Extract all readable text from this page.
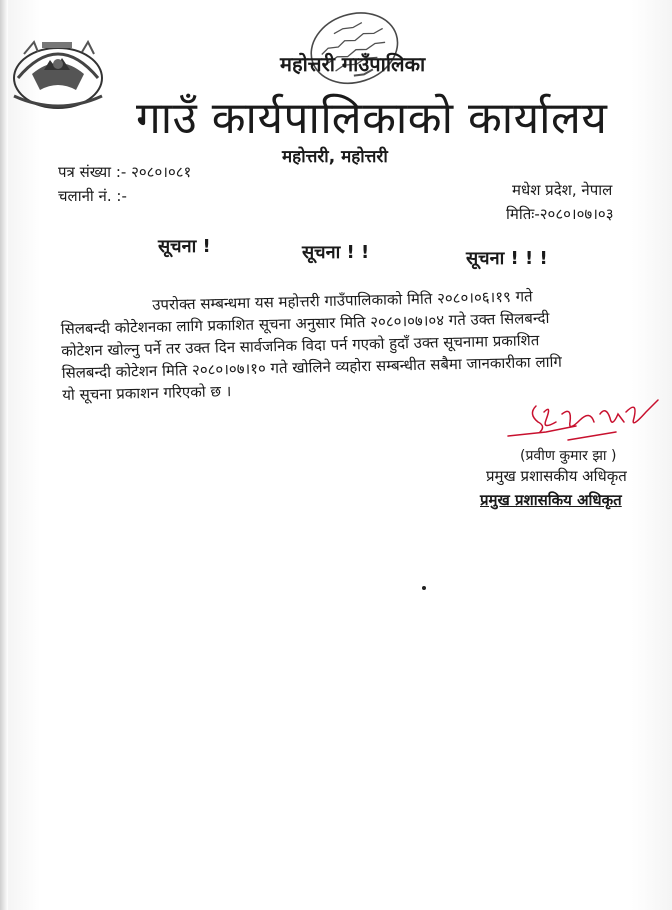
महोत्तरी गाउँपालिका
गाउँ कार्यपालिकाको कार्यालय
महोत्तरी, महोत्तरी
पत्र संख्या :- २०८०।०८१
चलानी नं. :-	मधेश प्रदेश, नेपाल
मितिः-२०८०।०७।०३
सूचना !	सूचना ! !	सूचना ! ! !
उपरोक्त सम्बन्धमा यस महोत्तरी गाउँपालिकाको मिति २०८०।०६।१९ गते
सिलबन्दी कोटेशनका लागि प्रकाशित सूचना अनुसार मिति २०८०।०७।०४ गते उक्त सिलबन्दी
कोटेशन खोल्नु पर्ने तर उक्त दिन सार्वजनिक विदा पर्न गएको हुदाँ उक्त सूचनामा प्रकाशित
सिलबन्दी कोटेशन मिति २०८०।०७।१० गते खोलिने व्यहोरा सम्बन्धीत सबैमा जानकारीका लागि
यो सूचना प्रकाशन गरिएको छ ।
(प्रवीण कुमार झा )
प्रमुख प्रशासकीय अधिकृत
प्रमुख प्रशासकिय अधिकृत
